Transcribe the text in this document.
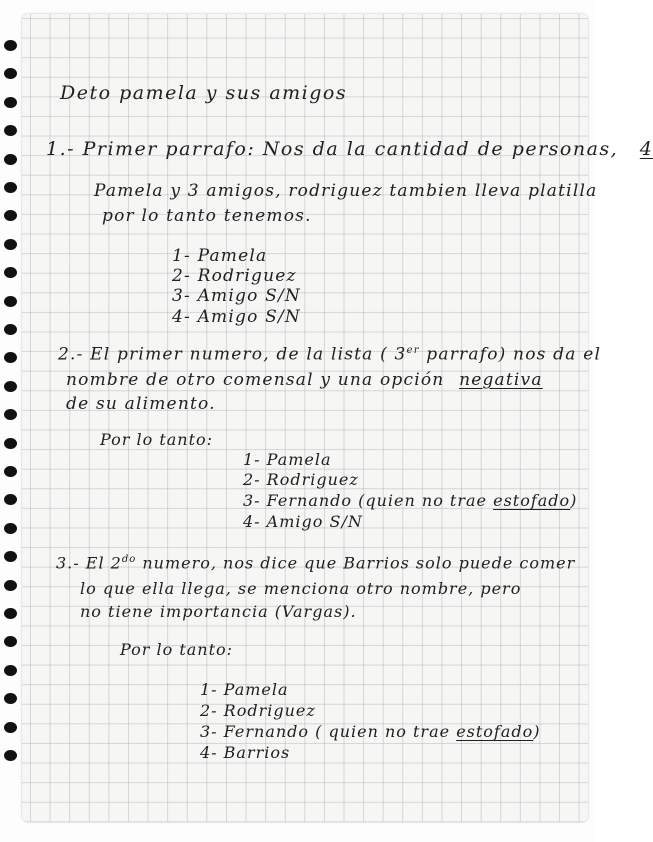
Deto pamela y sus amigos
1.- Primer parrafo: Nos da la cantidad de personas, 4
Pamela y 3 amigos, rodriguez tambien lleva platilla
por lo tanto tenemos.
1- Pamela
2- Rodriguez
3- Amigo S/N
4- Amigo S/N
2.- El primer numero, de la lista ( 3er parrafo) nos da el
nombre de otro comensal y una opción negativa
de su alimento.
Por lo tanto:
1- Pamela
2- Rodriguez
3- Fernando (quien no trae estofado)
4- Amigo S/N
3.- El $2^{do}$ numero, nos dice que Barrios solo puede comer
lo que ella llega, se menciona otro nombre, pero
no tiene importancia (Vargas).
Por lo tanto:
1- Pamela
2- Rodriguez
3- Fernando ( quien no trae estofado)
4- Barrios
